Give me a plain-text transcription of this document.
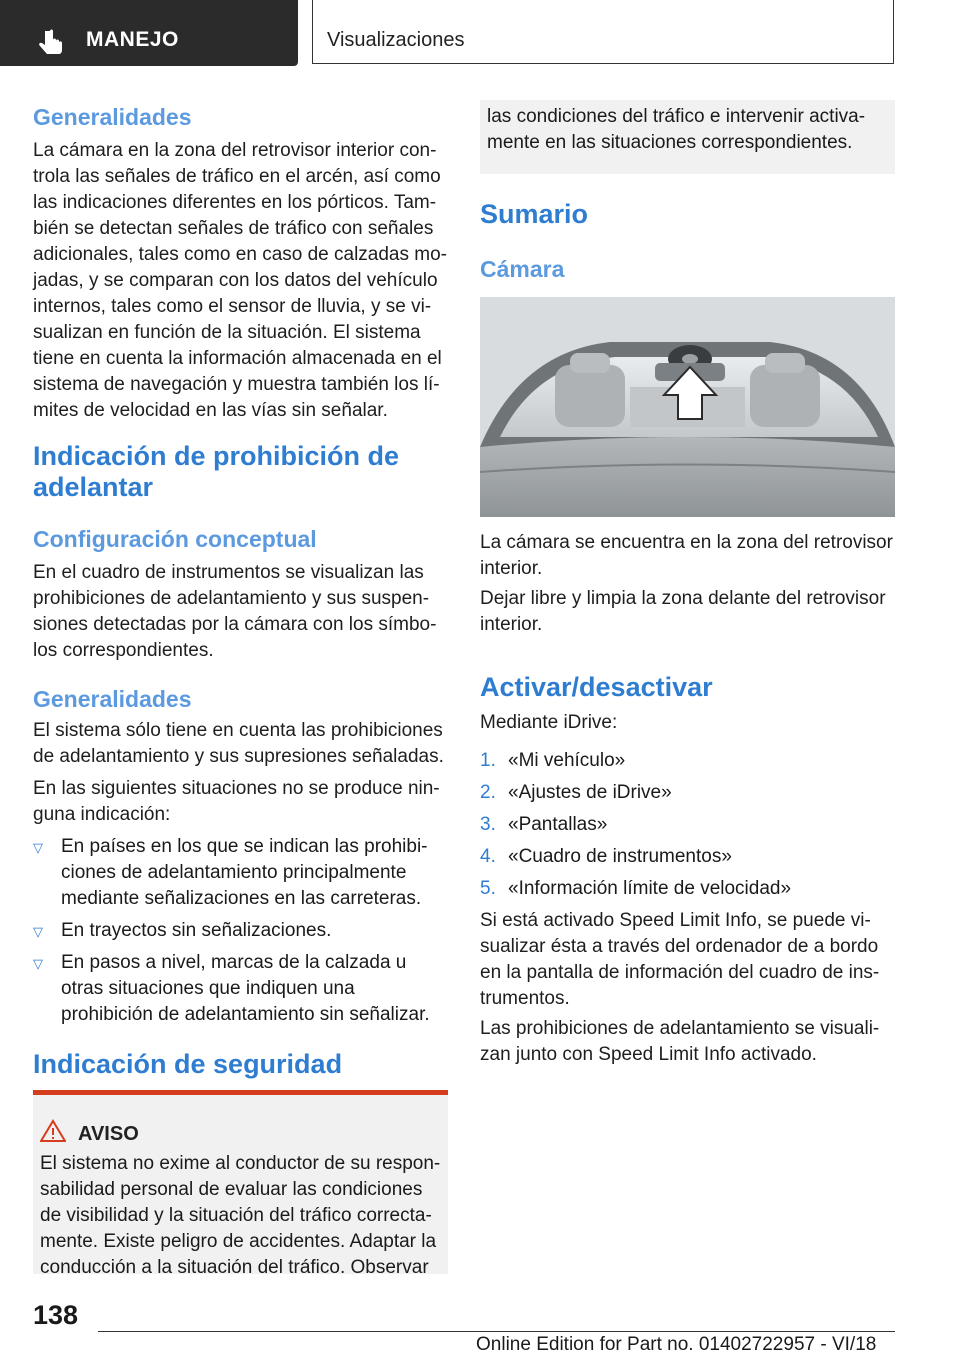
MANEJO	Visualizaciones
Generalidades

La cámara en la zona del retrovisor interior con-trola las señales de tráfico en el arcén, así como las indicaciones diferentes en los pórticos. Tam-bién se detectan señales de tráfico con señales adicionales, tales como en caso de calzadas mo-jadas, y se comparan con los datos del vehículo internos, tales como el sensor de lluvia, y se vi-sualizan en función de la situación. El sistema tiene en cuenta la información almacenada en el sistema de navegación y muestra también los lí-mites de velocidad en las vías sin señalar.

Indicación de prohibición de adelantar
Configuración conceptual

En el cuadro de instrumentos se visualizan las prohibiciones de adelantamiento y sus suspen-siones detectadas por la cámara con los símbo-los correspondientes.

Generalidades

El sistema sólo tiene en cuenta las prohibiciones de adelantamiento y sus supresiones señaladas.

En las siguientes situaciones no se produce nin-guna indicación:

▽ En países en los que se indican las prohibi-ciones de adelantamiento principalmente mediante señalizaciones en las carreteras.
▽ En trayectos sin señalizaciones.
▽ En pasos a nivel, marcas de la calzada u otras situaciones que indiquen una prohibición de adelantamiento sin señalizar.
Indicación de seguridad
AVISO

El sistema no exime al conductor de su respon-sabilidad personal de evaluar las condiciones de visibilidad y la situación del tráfico correcta-mente. Existe peligro de accidentes. Adaptar la conducción a la situación del tráfico. Observar

las condiciones del tráfico e intervenir activa-mente en las situaciones correspondientes.

Sumario
Cámara

La cámara se encuentra en la zona del retrovisor interior.

Dejar libre y limpia la zona delante del retrovisor interior.

Activar/desactivar

Mediante iDrive:

1. «Mi vehículo»
2. «Ajustes de iDrive»
3. «Pantallas»
4. «Cuadro de instrumentos»
5. «Información límite de velocidad»

Si está activado Speed Limit Info, se puede vi-sualizar ésta a través del ordenador de a bordo en la pantalla de información del cuadro de ins-trumentos.

Las prohibiciones de adelantamiento se visuali-zan junto con Speed Limit Info activado.

138
Online Edition for Part no. 01402722957 - VI/18
